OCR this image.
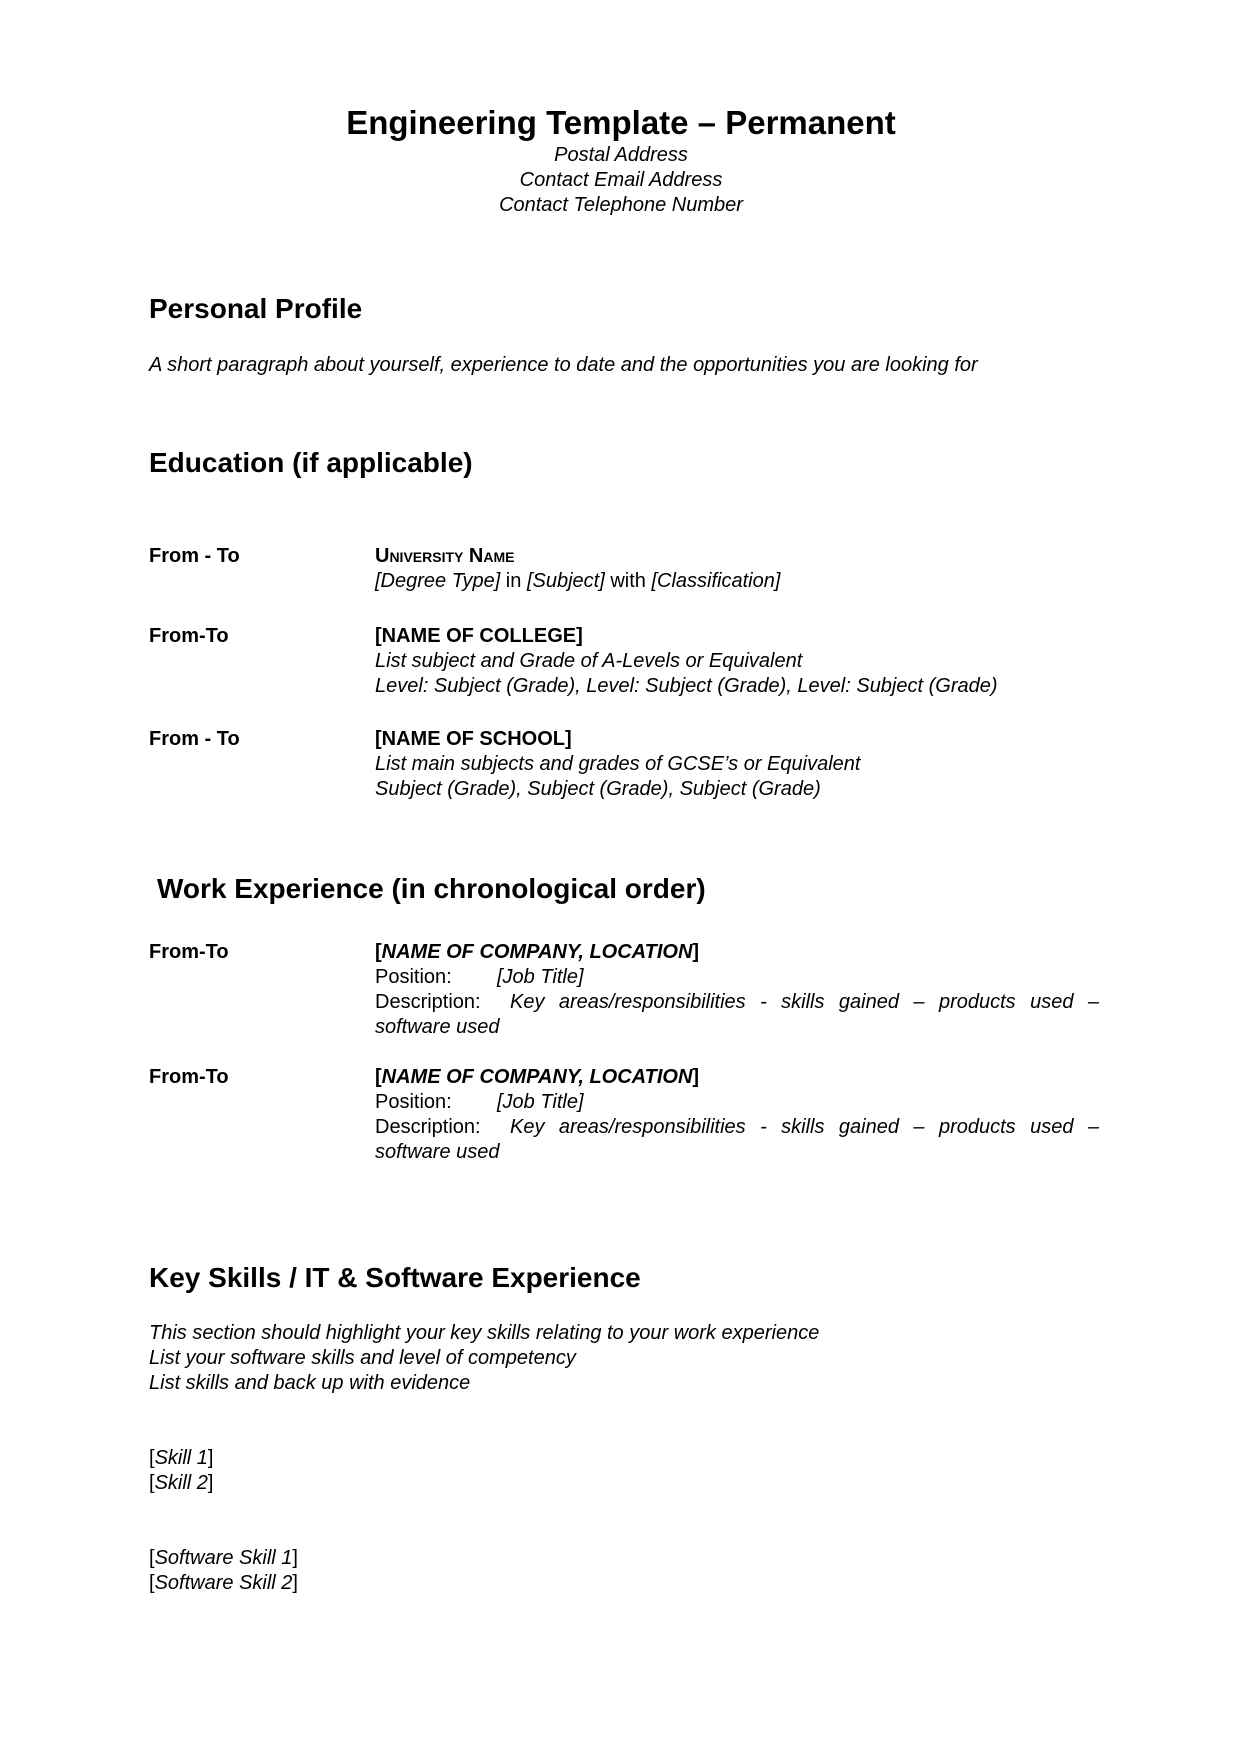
Engineering Template – Permanent
Postal Address
Contact Email Address
Contact Telephone Number
Personal Profile

A short paragraph about yourself, experience to date and the opportunities you are looking for

Education (if applicable)
From - To	University Name
[Degree Type] in [Subject] with [Classification]
From-To	[NAME OF COLLEGE]
List subject and Grade of A-Levels or Equivalent
Level: Subject (Grade), Level: Subject (Grade), Level: Subject (Grade)
From - To	[NAME OF SCHOOL]
List main subjects and grades of GCSE’s or Equivalent
Subject (Grade), Subject (Grade), Subject (Grade)
Work Experience (in chronological order)
From-To	[NAME OF COMPANY, LOCATION]
Position: [Job Title]
Description: Key areas/responsibilities - skills gained – products used – software used
From-To	[NAME OF COMPANY, LOCATION]
Position: [Job Title]
Description: Key areas/responsibilities - skills gained – products used – software used
Key Skills / IT & Software Experience
This section should highlight your key skills relating to your work experience
List your software skills and level of competency
List skills and back up with evidence
[Skill 1]
[Skill 2]
[Software Skill 1]
[Software Skill 2]
